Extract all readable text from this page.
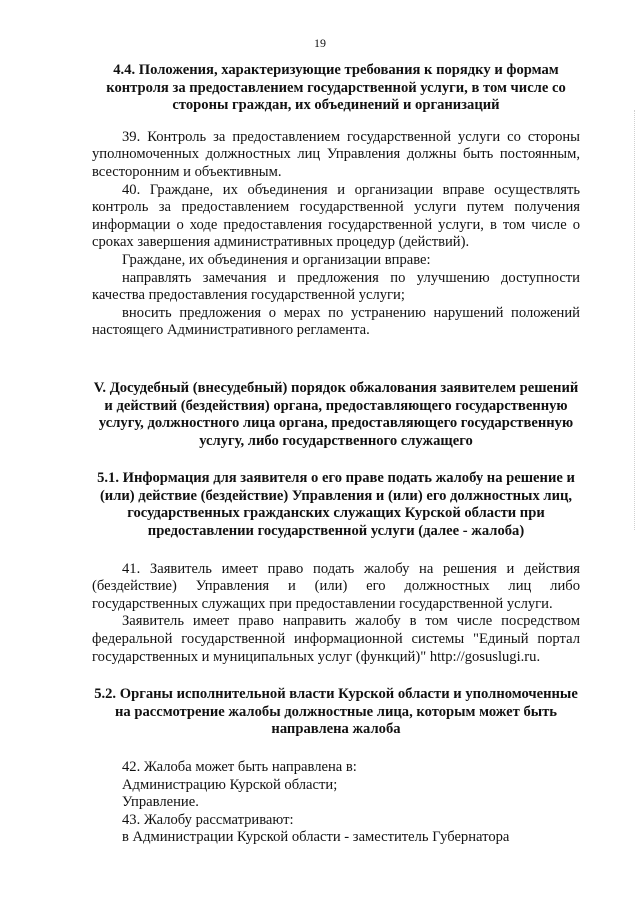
19

4.4. Положения, характеризующие требования к порядку и формам контроля за предоставлением государственной услуги, в том числе со стороны граждан, их объединений и организаций

39. Контроль за предоставлением государственной услуги со стороны уполномоченных должностных лиц Управления должны быть постоянным, всесторонним и объективным.

40. Граждане, их объединения и организации вправе осуществлять контроль за предоставлением государственной услуги путем получения информации о ходе предоставления государственной услуги, в том числе о сроках завершения административных процедур (действий).

Граждане, их объединения и организации вправе:

направлять замечания и предложения по улучшению доступности качества предоставления государственной услуги;

вносить предложения о мерах по устранению нарушений положений настоящего Административного регламента.

V. Досудебный (внесудебный) порядок обжалования заявителем решений и действий (бездействия) органа, предоставляющего государственную услугу, должностного лица органа, предоставляющего государственную услугу, либо государственного служащего

5.1. Информация для заявителя о его праве подать жалобу на решение и (или) действие (бездействие) Управления и (или) его должностных лиц, государственных гражданских служащих Курской области при предоставлении государственной услуги (далее - жалоба)

41. Заявитель имеет право подать жалобу на решения и действия (бездействие) Управления и (или) его должностных лиц либо государственных служащих при предоставлении государственной услуги.

Заявитель имеет право направить жалобу в том числе посредством федеральной государственной информационной системы "Единый портал государственных и муниципальных услуг (функций)" http://gosuslugi.ru.

5.2. Органы исполнительной власти Курской области и уполномоченные на рассмотрение жалобы должностные лица, которым может быть направлена жалоба

42. Жалоба может быть направлена в:

Администрацию Курской области;

Управление.

43. Жалобу рассматривают:

в Администрации Курской области - заместитель Губернатора
